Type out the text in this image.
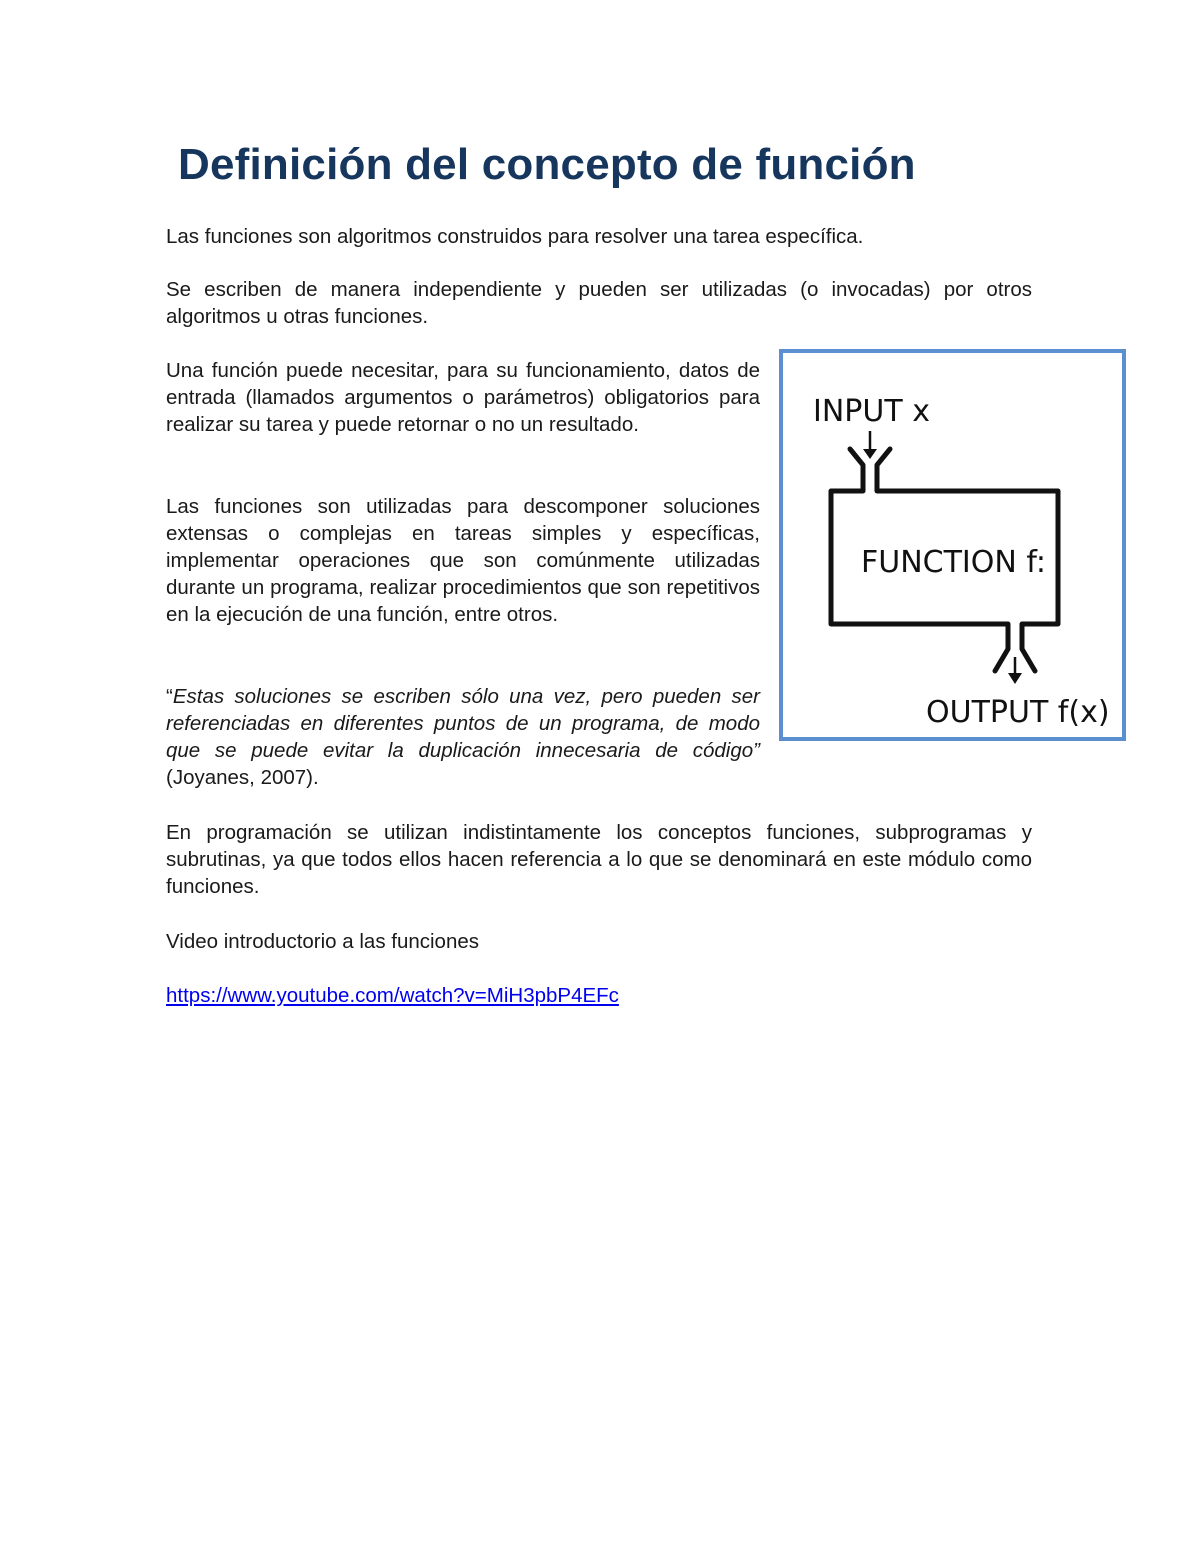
Definición del concepto de función

Las funciones son algoritmos construidos para resolver una tarea específica.

Se escriben de manera independiente y pueden ser utilizadas (o invocadas) por otros algoritmos u otras funciones.

Una función puede necesitar, para su funcionamiento, datos de entrada (llamados argumentos o parámetros) obligatorios para realizar su tarea y puede retornar o no un resultado.

Las funciones son utilizadas para descomponer soluciones extensas o complejas en tareas simples y específicas, implementar operaciones que son comúnmente utilizadas durante un programa, realizar procedimientos que son repetitivos en la ejecución de una función, entre otros.

“Estas soluciones se escriben sólo una vez, pero pueden ser referenciadas en diferentes puntos de un programa, de modo que se puede evitar la duplicación innecesaria de código” (Joyanes, 2007).

En programación se utilizan indistintamente los conceptos funciones, subprogramas y subrutinas, ya que todos ellos hacen referencia a lo que se denominará en este módulo como funciones.

Video introductorio a las funciones

https://www.youtube.com/watch?v=MiH3pbP4EFc

INPUT x
FUNCTION f:
OUTPUT f(x)
